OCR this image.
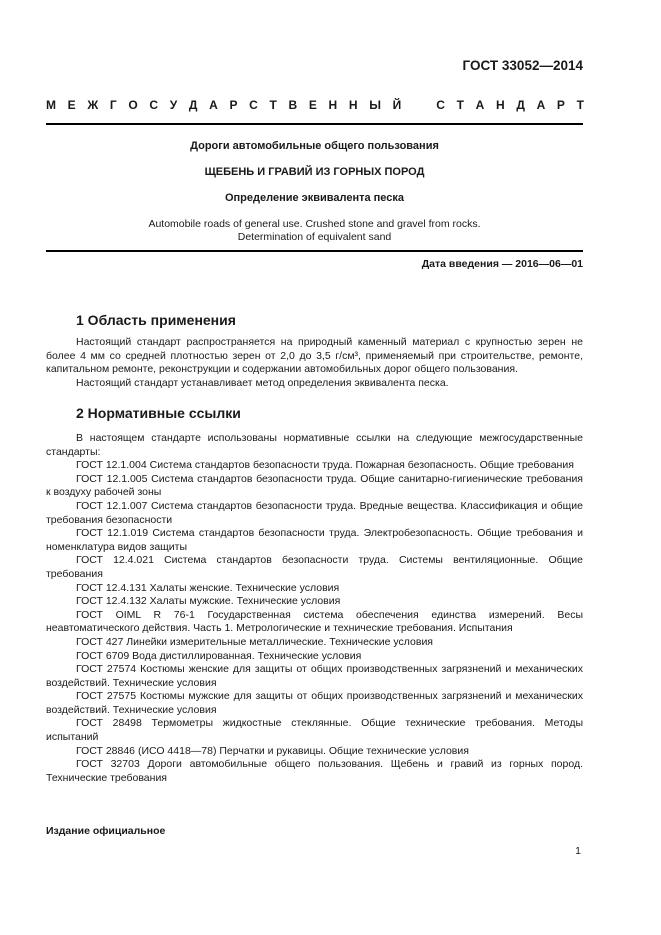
ГОСТ 33052—2014
М Е Ж Г О С У Д А Р С Т В Е Н Н Ы Й	С Т А Н Д А Р Т
Дороги автомобильные общего пользования
ЩЕБЕНЬ И ГРАВИЙ ИЗ ГОРНЫХ ПОРОД
Определение эквивалента песка
Automobile roads of general use. Crushed stone and gravel from rocks.
Determination of equivalent sand
Дата введения — 2016—06—01
1 Область применения

Настоящий стандарт распространяется на природный каменный материал с крупностью зерен не более 4 мм со средней плотностью зерен от 2,0 до 3,5 г/см³, применяемый при строительстве, ремонте, капитальном ремонте, реконструкции и содержании автомобильных дорог общего пользования.

Настоящий стандарт устанавливает метод определения эквивалента песка.

2 Нормативные ссылки

В настоящем стандарте использованы нормативные ссылки на следующие межгосударственные стандарты:

ГОСТ 12.1.004 Система стандартов безопасности труда. Пожарная безопасность. Общие требования

ГОСТ 12.1.005 Система стандартов безопасности труда. Общие санитарно-гигиенические требования к воздуху рабочей зоны

ГОСТ 12.1.007 Система стандартов безопасности труда. Вредные вещества. Классификация и общие требования безопасности

ГОСТ 12.1.019 Система стандартов безопасности труда. Электробезопасность. Общие требования и номенклатура видов защиты

ГОСТ 12.4.021 Система стандартов безопасности труда. Системы вентиляционные. Общие требования

ГОСТ 12.4.131 Халаты женские. Технические условия

ГОСТ 12.4.132 Халаты мужские. Технические условия

ГОСТ OIML R 76-1 Государственная система обеспечения единства измерений. Весы неавтоматического действия. Часть 1. Метрологические и технические требования. Испытания

ГОСТ 427 Линейки измерительные металлические. Технические условия

ГОСТ 6709 Вода дистиллированная. Технические условия

ГОСТ 27574 Костюмы женские для защиты от общих производственных загрязнений и механических воздействий. Технические условия

ГОСТ 27575 Костюмы мужские для защиты от общих производственных загрязнений и механических воздействий. Технические условия

ГОСТ 28498 Термометры жидкостные стеклянные. Общие технические требования. Методы испытаний

ГОСТ 28846 (ИСО 4418—78) Перчатки и рукавицы. Общие технические условия

ГОСТ 32703 Дороги автомобильные общего пользования. Щебень и гравий из горных пород. Технические требования

Издание официальное
1
